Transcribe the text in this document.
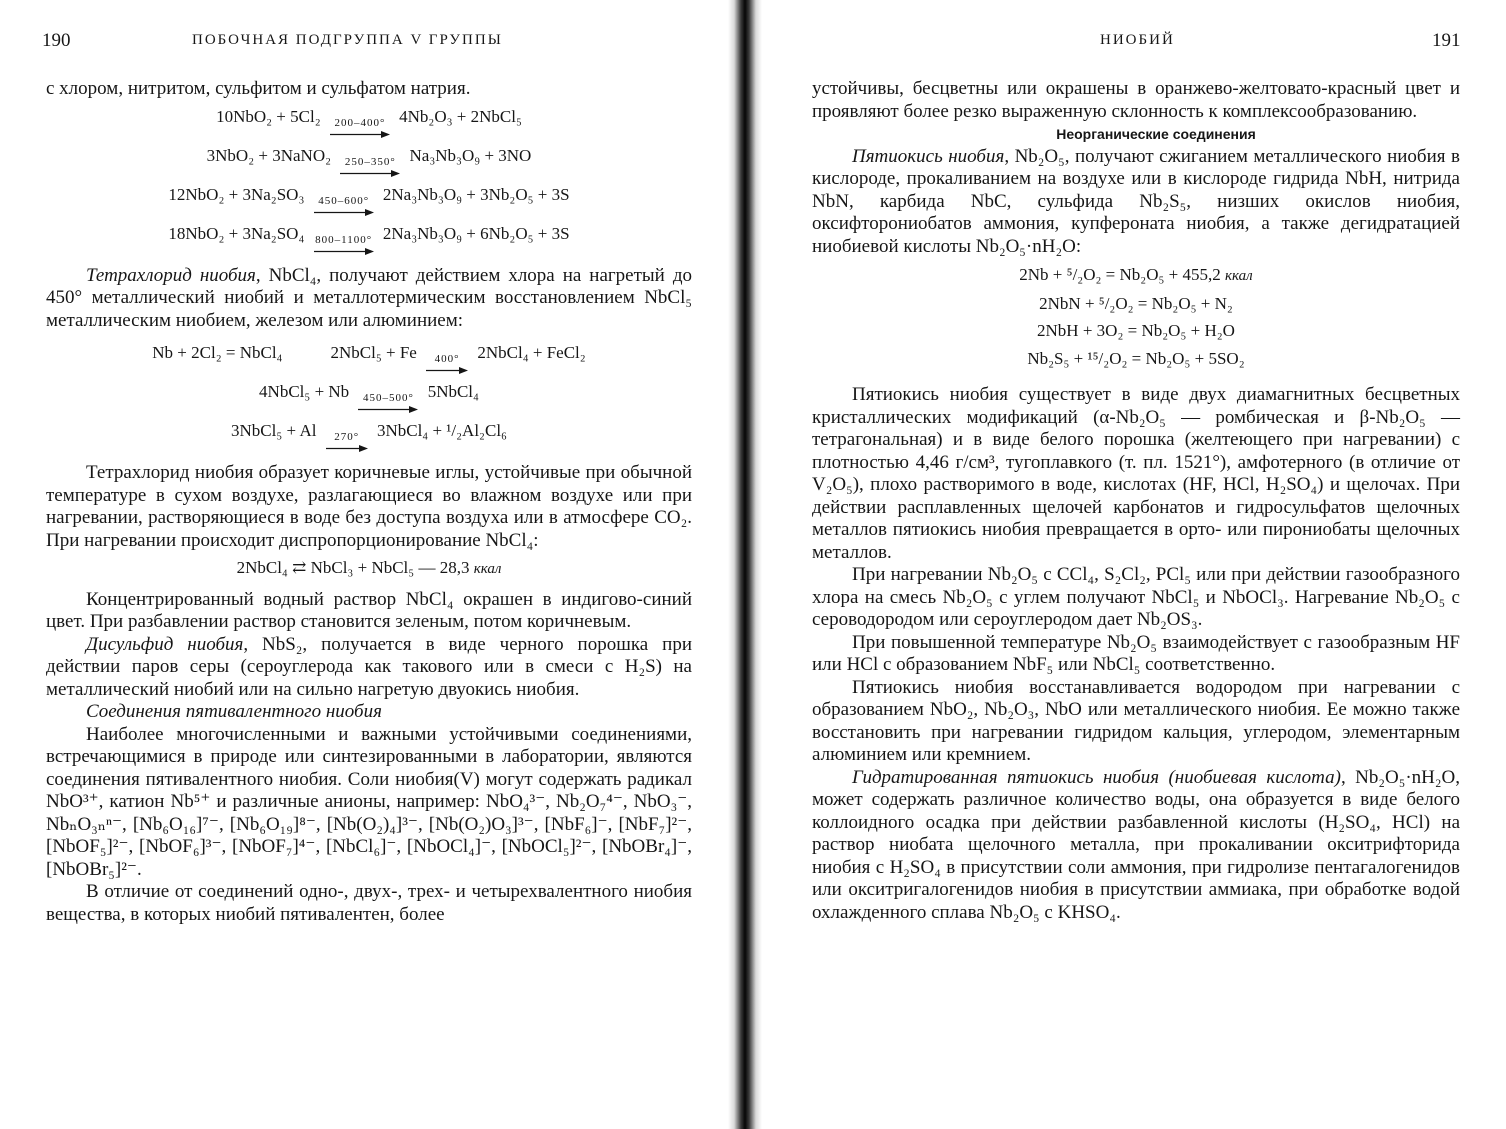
190	ПОБОЧНАЯ ПОДГРУППА V ГРУППЫ

с хлором, нитритом, сульфитом и сульфатом натрия.

10NbO₂ + 5Cl₂ 200–400° 4Nb₂O₃ + 2NbCl₅
3NbO₂ + 3NaNO₂ 250–350° Na₃Nb₃O₉ + 3NO
12NbO₂ + 3Na₂SO₃ 450–600° 2Na₃Nb₃O₉ + 3Nb₂O₅ + 3S
18NbO₂ + 3Na₂SO₄ 800–1100° 2Na₃Nb₃O₉ + 6Nb₂O₅ + 3S

Тетрахлорид ниобия, NbCl₄, получают действием хлора на нагретый до 450° металлический ниобий и металлотермическим восстановлением NbCl₅ металлическим ниобием, железом или алюминием:

Nb + 2Cl₂ = NbCl₄	2NbCl₅ + Fe 400° 2NbCl₄ + FeCl₂
4NbCl₅ + Nb 450–500° 5NbCl₄
3NbCl₅ + Al 270° 3NbCl₄ + ¹/₂Al₂Cl₆

Тетрахлорид ниобия образует коричневые иглы, устойчивые при обычной температуре в сухом воздухе, разлагающиеся во влажном воздухе или при нагревании, растворяющиеся в воде без доступа воздуха или в атмосфере CO₂. При нагревании происходит диспропорционирование NbCl₄:

2NbCl₄ ⇄ NbCl₃ + NbCl₅ — 28,3 ккал

Концентрированный водный раствор NbCl₄ окрашен в индигово-синий цвет. При разбавлении раствор становится зеленым, потом коричневым.

Дисульфид ниобия, NbS₂, получается в виде черного порошка при действии паров серы (сероуглерода как такового или в смеси с H₂S) на металлический ниобий или на сильно нагретую двуокись ниобия.

Соединения пятивалентного ниобия

Наиболее многочисленными и важными устойчивыми соединениями, встречающимися в природе или синтезированными в лаборатории, являются соединения пятивалентного ниобия. Соли ниобия(V) могут содержать радикал NbO³⁺, катион Nb⁵⁺ и различные анионы, например: NbO₄³⁻, Nb₂O₇⁴⁻, NbO₃⁻, NbₙO₃ₙⁿ⁻, [Nb₆O₁₆]⁷⁻, [Nb₆O₁₉]⁸⁻, [Nb(O₂)₄]³⁻, [Nb(O₂)O₃]³⁻, [NbF₆]⁻, [NbF₇]²⁻, [NbOF₅]²⁻, [NbOF₆]³⁻, [NbOF₇]⁴⁻, [NbCl₆]⁻, [NbOCl₄]⁻, [NbOCl₅]²⁻, [NbOBr₄]⁻, [NbOBr₅]²⁻.

В отличие от соединений одно-, двух-, трех- и четырехвалентного ниобия вещества, в которых ниобий пятивалентен, более

НИОБИЙ	191

устойчивы, бесцветны или окрашены в оранжево-желтовато-красный цвет и проявляют более резко выраженную склонность к комплексообразованию.

Неорганические соединения

Пятиокись ниобия, Nb₂O₅, получают сжиганием металлического ниобия в кислороде, прокаливанием на воздухе или в кислороде гидрида NbH, нитрида NbN, карбида NbC, сульфида Nb₂S₅, низших окислов ниобия, оксифторониобатов аммония, купфероната ниобия, а также дегидратацией ниобиевой кислоты Nb₂O₅·nH₂O:

2Nb + ⁵/₂O₂ = Nb₂O₅ + 455,2 ккал
2NbN + ⁵/₂O₂ = Nb₂O₅ + N₂
2NbH + 3O₂ = Nb₂O₅ + H₂O
Nb₂S₅ + ¹⁵/₂O₂ = Nb₂O₅ + 5SO₂

Пятиокись ниобия существует в виде двух диамагнитных бесцветных кристаллических модификаций (α-Nb₂O₅ — ромбическая и β-Nb₂O₅ — тетрагональная) и в виде белого порошка (желтеющего при нагревании) с плотностью 4,46 г/см³, тугоплавкого (т. пл. 1521°), амфотерного (в отличие от V₂O₅), плохо растворимого в воде, кислотах (HF, HCl, H₂SO₄) и щелочах. При действии расплавленных щелочей карбонатов и гидросульфатов щелочных металлов пятиокись ниобия превращается в орто- или пирониобаты щелочных металлов.

При нагревании Nb₂O₅ с CCl₄, S₂Cl₂, PCl₅ или при действии газообразного хлора на смесь Nb₂O₅ с углем получают NbCl₅ и NbOCl₃. Нагревание Nb₂O₅ с сероводородом или сероуглеродом дает Nb₂OS₃.

При повышенной температуре Nb₂O₅ взаимодействует с газообразным HF или HCl с образованием NbF₅ или NbCl₅ соответственно.

Пятиокись ниобия восстанавливается водородом при нагревании с образованием NbO₂, Nb₂O₃, NbO или металлического ниобия. Ее можно также восстановить при нагревании гидридом кальция, углеродом, элементарным алюминием или кремнием.

Гидратированная пятиокись ниобия (ниобиевая кислота), Nb₂O₅·nH₂O, может содержать различное количество воды, она образуется в виде белого коллоидного осадка при действии разбавленной кислоты (H₂SO₄, HCl) на раствор ниобата щелочного металла, при прокаливании окситрифторида ниобия с H₂SO₄ в присутствии соли аммония, при гидролизе пентагалогенидов или окситригалогенидов ниобия в присутствии аммиака, при обработке водой охлажденного сплава Nb₂O₅ с KHSO₄.
